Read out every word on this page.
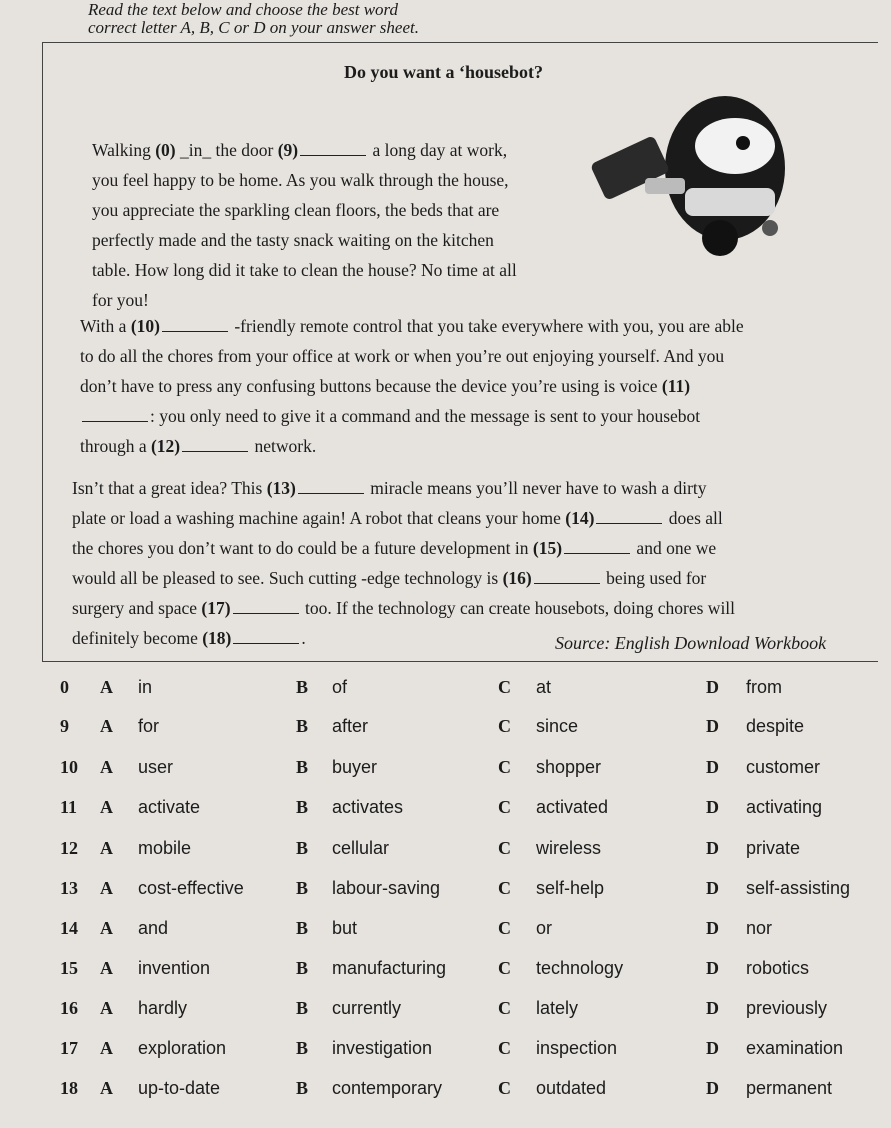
Read the text below and choose the best word
correct letter A, B, C or D on your answer sheet.
Do you want a ‘housebot?
Walking (0) _in_ the door (9)	a long day at work,
you feel happy to be home. As you walk through the house,
you appreciate the sparkling clean floors, the beds that are
perfectly made and the tasty snack waiting on the kitchen
table. How long did it take to clean the house? No time at all
for you!
With a (10)	-friendly remote control that you take everywhere with you, you are able
to do all the chores from your office at work or when you’re out enjoying yourself. And you
don’t have to press any confusing buttons because the device you’re using is voice (11)
: you only need to give it a command and the message is sent to your housebot
through a (12)	network.
Isn’t that a great idea? This (13)	miracle means you’ll never have to wash a dirty
plate or load a washing machine again! A robot that cleans your home (14)	does all
the chores you don’t want to do could be a future development in (15)	and one we
would all be pleased to see. Such cutting -edge technology is (16)	being used for
surgery and space (17)	too. If the technology can create housebots, doing chores will
definitely become (18)	.	Source: English Download Workbook
0 A in	B of	C at	D from
9 A for	B after	C since	D despite
10 A user	B buyer	C shopper	D customer
11 A activate	B activates	C activated	D activating
12 A mobile	B cellular	C wireless	D private
13 A cost-effective	B labour-saving	C self-help	D self-assisting
14 A and	B but	C or	D nor
15 A invention	B manufacturing	C technology	D robotics
16 A hardly	B currently	C lately	D previously
17 A exploration	B investigation	C inspection	D examination
18 A up-to-date	B contemporary	C outdated	D permanent
